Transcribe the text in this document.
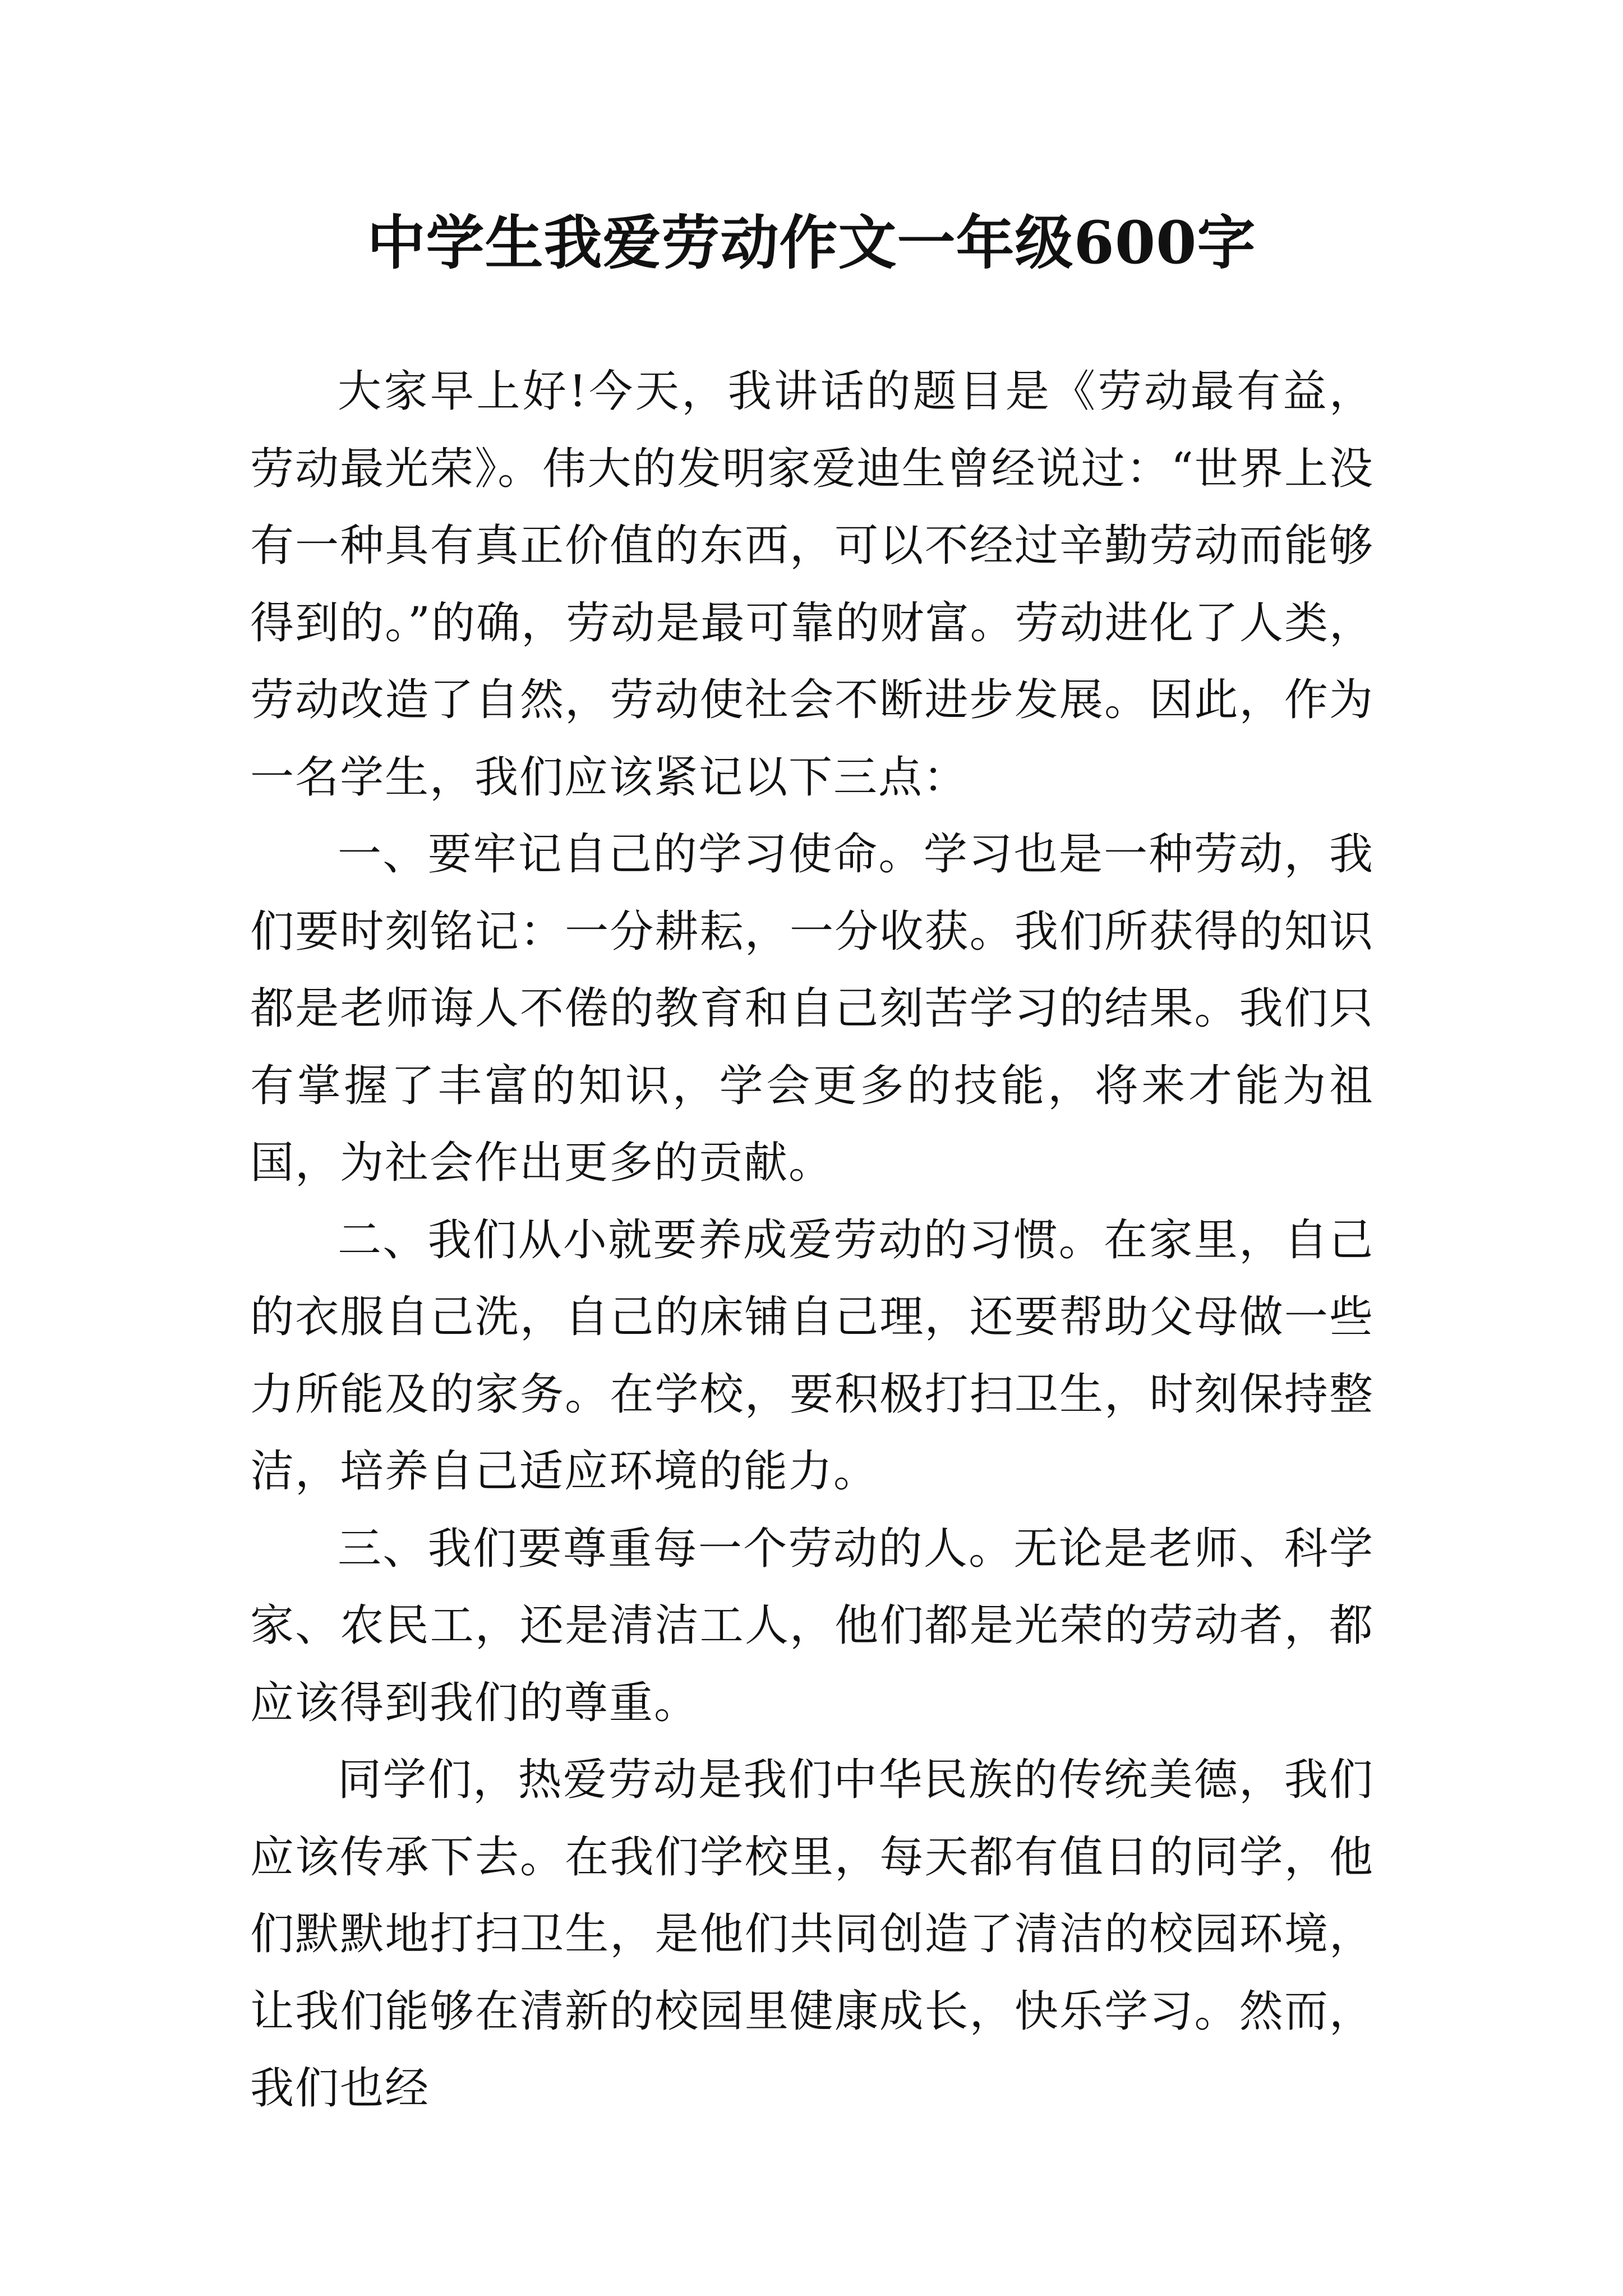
中学生我爱劳动作文一年级600字

大家早上好!今天，我讲话的题目是《劳动最有益，劳动最光荣》。伟大的发明家爱迪生曾经说过：“世界上没有一种具有真正价值的东西，可以不经过辛勤劳动而能够得到的。”的确，劳动是最可靠的财富。劳动进化了人类，劳动改造了自然，劳动使社会不断进步发展。因此，作为一名学生，我们应该紧记以下三点：

一、要牢记自己的学习使命。学习也是一种劳动，我们要时刻铭记：一分耕耘，一分收获。我们所获得的知识都是老师诲人不倦的教育和自己刻苦学习的结果。我们只有掌握了丰富的知识，学会更多的技能，将来才能为祖国，为社会作出更多的贡献。

二、我们从小就要养成爱劳动的习惯。在家里，自己的衣服自己洗，自己的床铺自己理，还要帮助父母做一些力所能及的家务。在学校，要积极打扫卫生，时刻保持整洁，培养自己适应环境的能力。

三、我们要尊重每一个劳动的人。无论是老师、科学家、农民工，还是清洁工人，他们都是光荣的劳动者，都应该得到我们的尊重。

同学们，热爱劳动是我们中华民族的传统美德，我们应该传承下去。在我们学校里，每天都有值日的同学，他们默默地打扫卫生，是他们共同创造了清洁的校园环境，让我们能够在清新的校园里健康成长，快乐学习。然而，我们也经
